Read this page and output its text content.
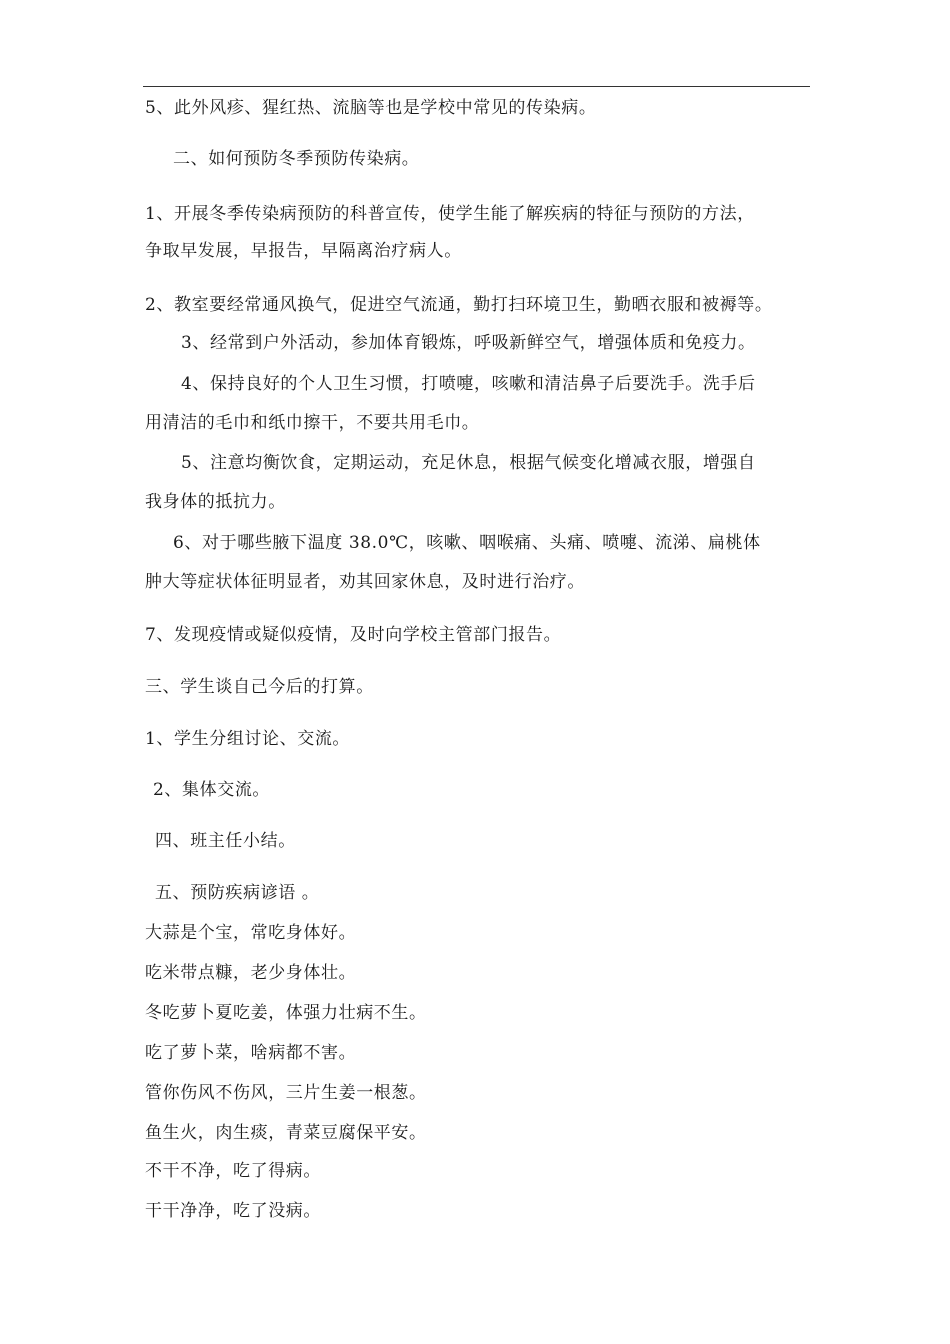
5、此外风疹、猩红热、流脑等也是学校中常见的传染病。
二、如何预防冬季预防传染病。
1、开展冬季传染病预防的科普宣传，使学生能了解疾病的特征与预防的方法，
争取早发展，早报告，早隔离治疗病人。
2、教室要经常通风换气，促进空气流通，勤打扫环境卫生，勤晒衣服和被褥等。
3、经常到户外活动，参加体育锻炼，呼吸新鲜空气，增强体质和免疫力。
4、保持良好的个人卫生习惯，打喷嚏，咳嗽和清洁鼻子后要洗手。洗手后
用清洁的毛巾和纸巾擦干，不要共用毛巾。
5、注意均衡饮食，定期运动，充足休息，根据气候变化增减衣服，增强自
我身体的抵抗力。
6、对于哪些腋下温度 38.0℃，咳嗽、咽喉痛、头痛、喷嚏、流涕、扁桃体
肿大等症状体征明显者，劝其回家休息，及时进行治疗。
7、发现疫情或疑似疫情，及时向学校主管部门报告。
三、学生谈自己今后的打算。
1、学生分组讨论、交流。
2、集体交流。
四、班主任小结。
五、预防疾病谚语 。
大蒜是个宝，常吃身体好。
吃米带点糠，老少身体壮。
冬吃萝卜夏吃姜，体强力壮病不生。
吃了萝卜菜，啥病都不害。
管你伤风不伤风，三片生姜一根葱。
鱼生火，肉生痰，青菜豆腐保平安。
不干不净，吃了得病。
干干净净，吃了没病。
